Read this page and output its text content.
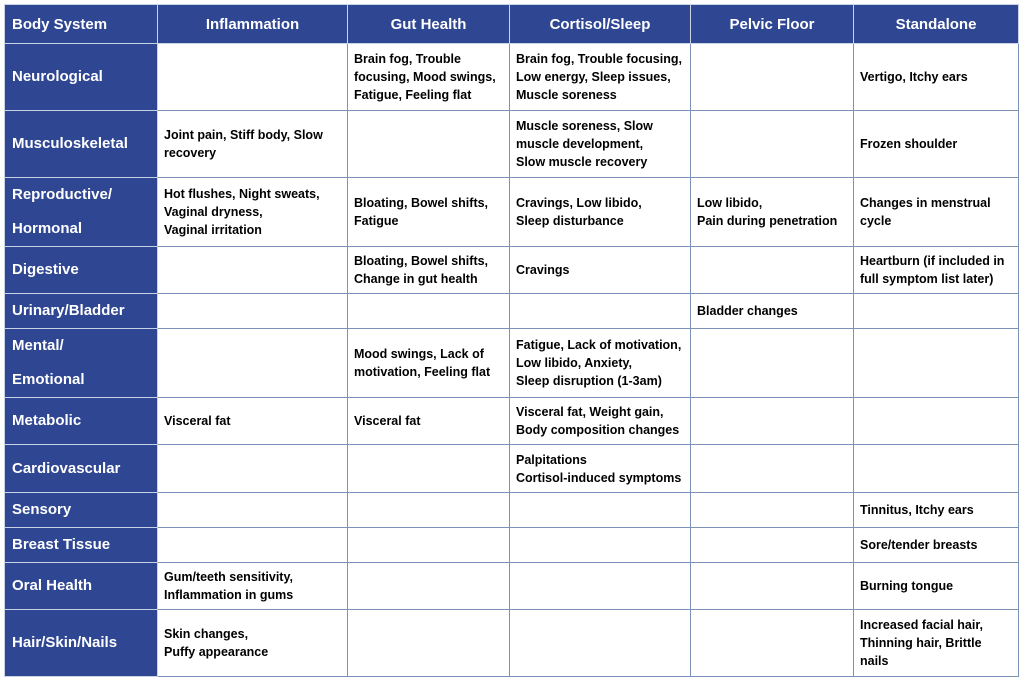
Body System	Inflammation	Gut Health	Cortisol/Sleep	Pelvic Floor	Standalone

Neurological		Brain fog, Trouble
focusing, Mood swings,
Fatigue, Feeling flat	Brain fog, Trouble focusing,
Low energy, Sleep issues,
Muscle soreness		Vertigo, Itchy ears

Musculoskeletal	Joint pain, Stiff body, Slow
recovery		Muscle soreness, Slow
muscle development,
Slow muscle recovery		Frozen shoulder

Reproductive/
Hormonal	Hot flushes, Night sweats,
Vaginal dryness,
Vaginal irritation	Bloating, Bowel shifts,
Fatigue	Cravings, Low libido,
Sleep disturbance	Low libido,
Pain during penetration	Changes in menstrual
cycle

Digestive		Bloating, Bowel shifts,
Change in gut health	Cravings		Heartburn (if included in
full symptom list later)

Urinary/Bladder				Bladder changes	

Mental/
Emotional		Mood swings, Lack of
motivation, Feeling flat	Fatigue, Lack of motivation,
Low libido, Anxiety,
Sleep disruption (1-3am)		

Metabolic	Visceral fat	Visceral fat	Visceral fat, Weight gain,
Body composition changes		

Cardiovascular			Palpitations
Cortisol-induced symptoms		

Sensory					Tinnitus, Itchy ears

Breast Tissue					Sore/tender breasts

Oral Health	Gum/teeth sensitivity,
Inflammation in gums				Burning tongue

Hair/Skin/Nails	Skin changes,
Puffy appearance				Increased facial hair,
Thinning hair, Brittle
nails
